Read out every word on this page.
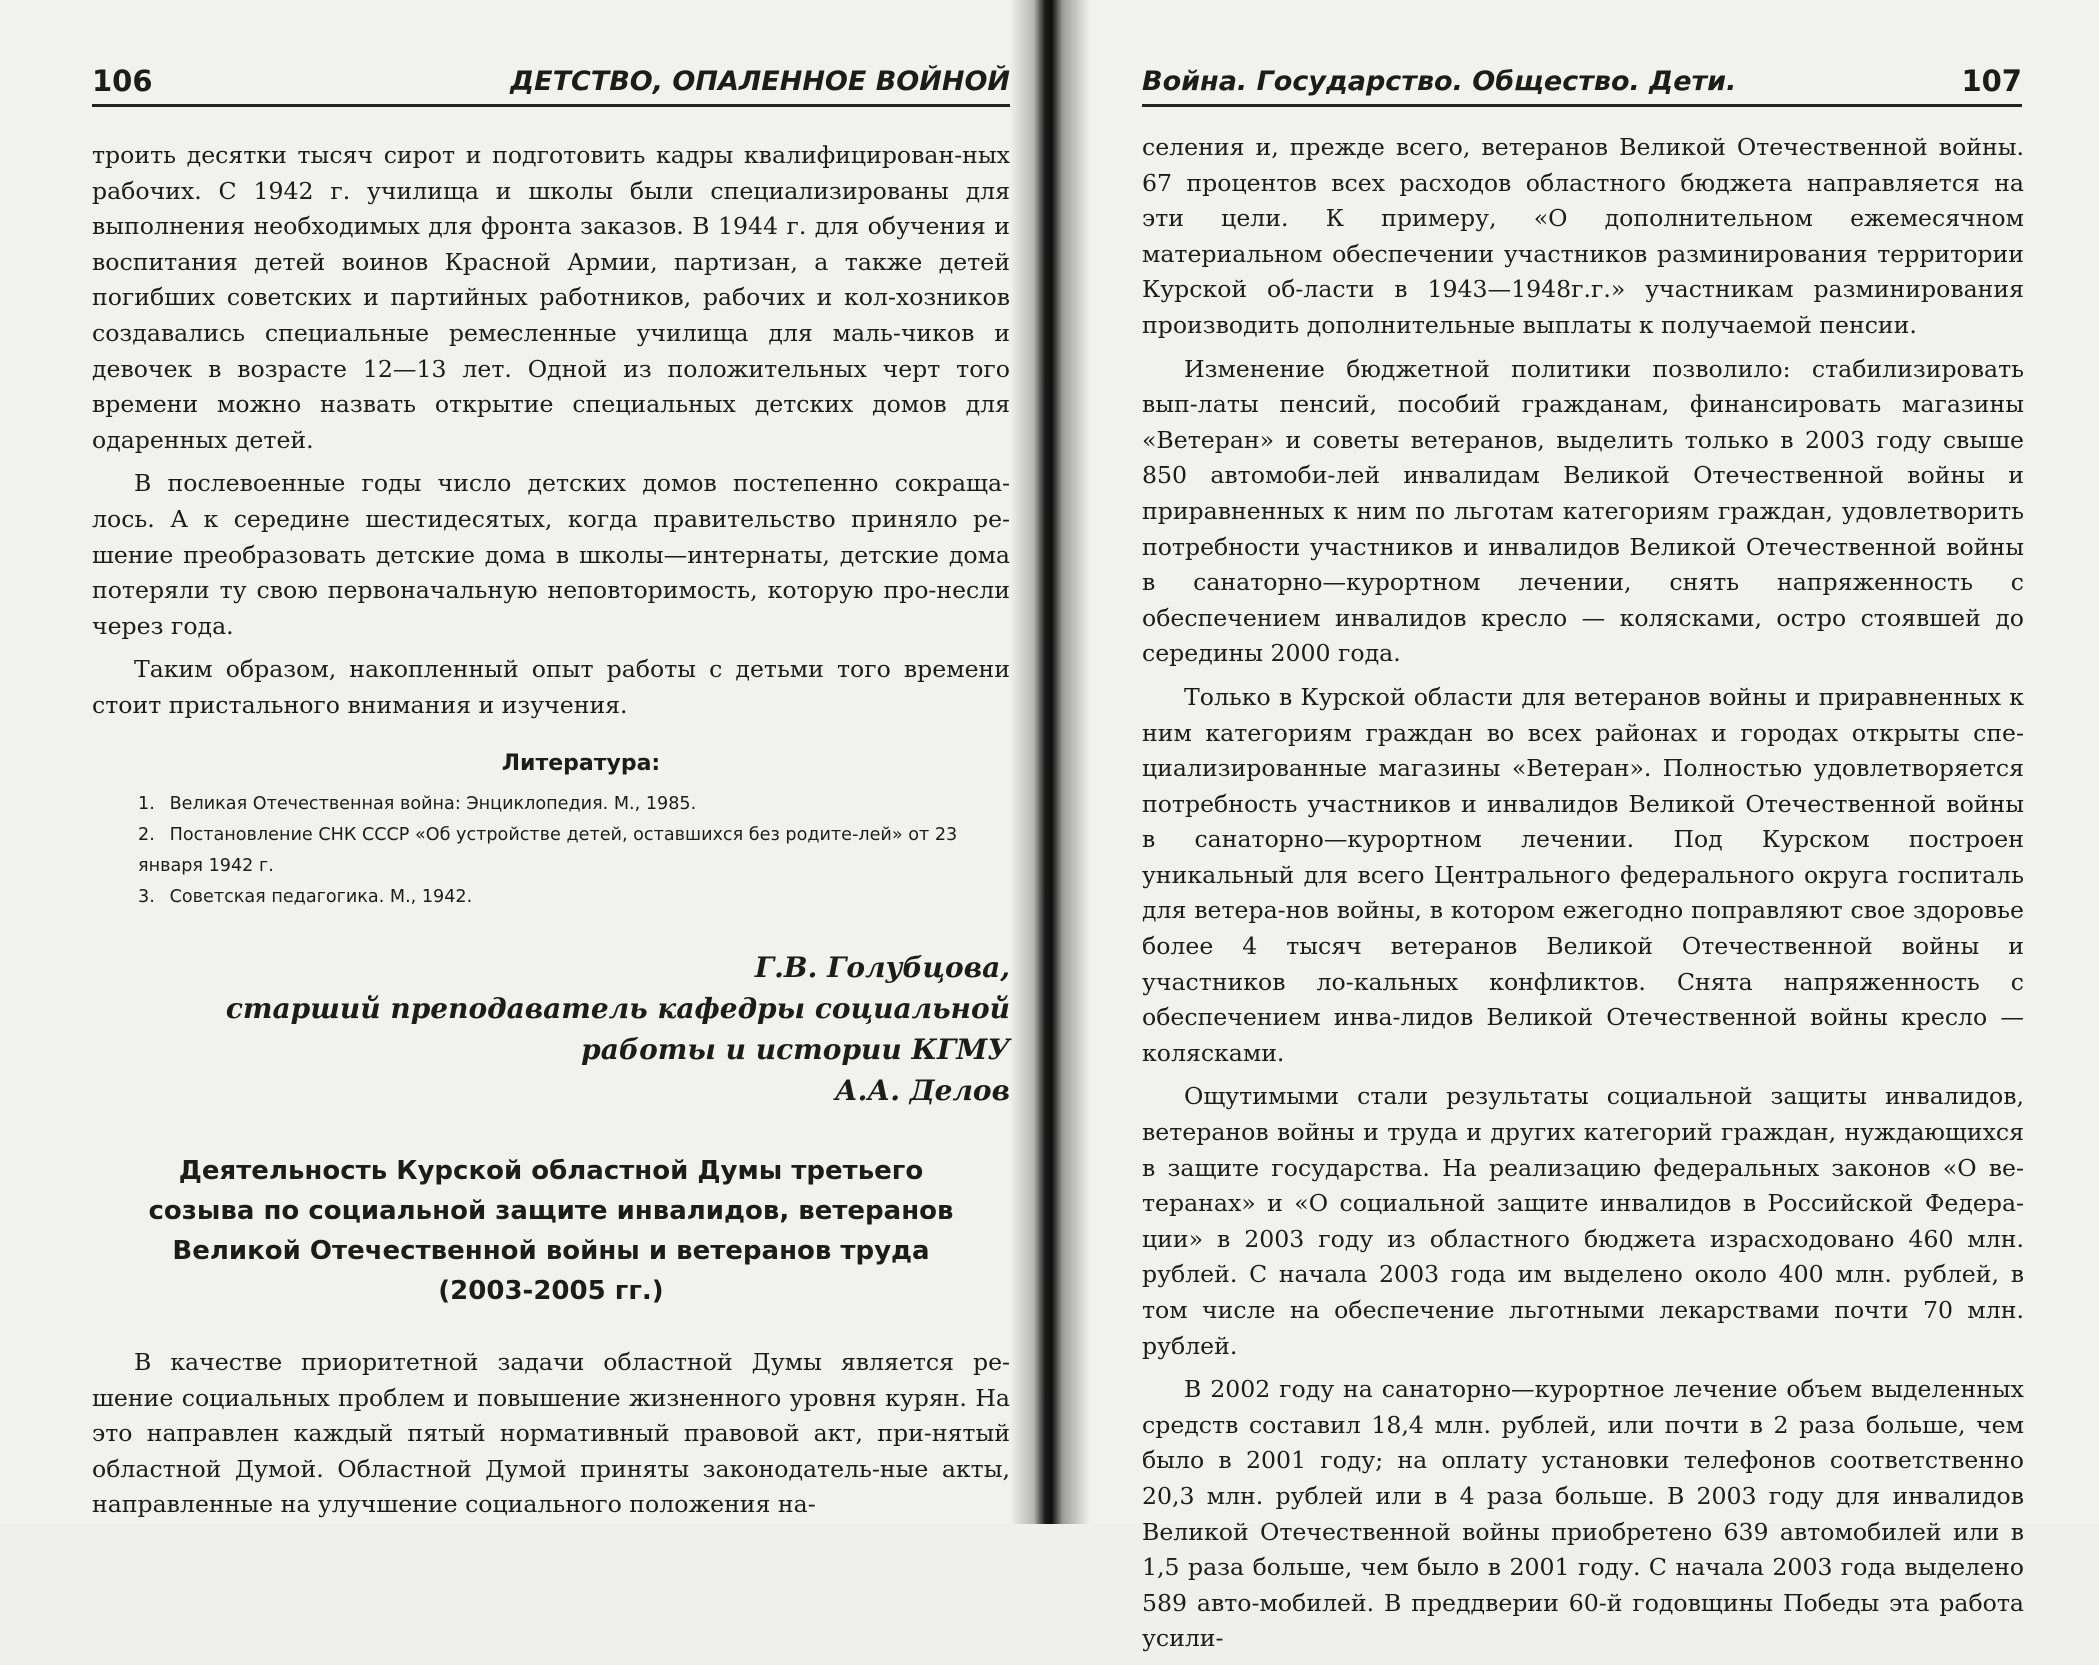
106	ДЕТСТВО, ОПАЛЕННОЕ ВОЙНОЙ

троить десятки тысяч сирот и подготовить кадры квалифицирован-ных рабочих. С 1942 г. училища и школы были специализированы для выполнения необходимых для фронта заказов. В 1944 г. для обучения и воспитания детей воинов Красной Армии, партизан, а также детей погибших советских и партийных работников, рабочих и кол-хозников создавались специальные ремесленные училища для маль-чиков и девочек в возрасте 12—13 лет. Одной из положительных черт того времени можно назвать открытие специальных детских домов для одаренных детей.

В послевоенные годы число детских домов постепенно сокраща-лось. А к середине шестидесятых, когда правительство приняло ре-шение преобразовать детские дома в школы—интернаты, детские дома потеряли ту свою первоначальную неповторимость, которую про-несли через года.

Таким образом, накопленный опыт работы с детьми того времени стоит пристального внимания и изучения.

Литература:
1. Великая Отечественная война: Энциклопедия. М., 1985.
2. Постановление СНК СССР «Об устройстве детей, оставшихся без родите-лей» от 23 января 1942 г.
3. Советская педагогика. М., 1942.
Г.В. Голубцова,
старший преподаватель кафедры социальной
работы и истории КГМУ
А.А. Делов
Деятельность Курской областной Думы третьего
созыва по социальной защите инвалидов, ветеранов
Великой Отечественной войны и ветеранов труда
(2003-2005 гг.)

В качестве приоритетной задачи областной Думы является ре-шение социальных проблем и повышение жизненного уровня курян. На это направлен каждый пятый нормативный правовой акт, при-нятый областной Думой. Областной Думой приняты законодатель-ные акты, направленные на улучшение социального положения на-

Война. Государство. Общество. Дети.	107

селения и, прежде всего, ветеранов Великой Отечественной войны. 67 процентов всех расходов областного бюджета направляется на эти цели. К примеру, «О дополнительном ежемесячном материальном обеспечении участников разминирования территории Курской об-ласти в 1943—1948г.г.» участникам разминирования производить дополнительные выплаты к получаемой пенсии.

Изменение бюджетной политики позволило: стабилизировать вып-латы пенсий, пособий гражданам, финансировать магазины «Ветеран» и советы ветеранов, выделить только в 2003 году свыше 850 автомоби-лей инвалидам Великой Отечественной войны и приравненных к ним по льготам категориям граждан, удовлетворить потребности участников и инвалидов Великой Отечественной войны в санаторно—курортном лечении, снять напряженность с обеспечением инвалидов кресло — колясками, остро стоявшей до середины 2000 года.

Только в Курской области для ветеранов войны и приравненных к ним категориям граждан во всех районах и городах открыты спе-циализированные магазины «Ветеран». Полностью удовлетворяется потребность участников и инвалидов Великой Отечественной войны в санаторно—курортном лечении. Под Курском построен уникальный для всего Центрального федерального округа госпиталь для ветера-нов войны, в котором ежегодно поправляют свое здоровье более 4 тысяч ветеранов Великой Отечественной войны и участников ло-кальных конфликтов. Снята напряженность с обеспечением инва-лидов Великой Отечественной войны кресло — колясками.

Ощутимыми стали результаты социальной защиты инвалидов, ветеранов войны и труда и других категорий граждан, нуждающихся в защите государства. На реализацию федеральных законов «О ве-теранах» и «О социальной защите инвалидов в Российской Федера-ции» в 2003 году из областного бюджета израсходовано 460 млн. рублей. С начала 2003 года им выделено около 400 млн. рублей, в том числе на обеспечение льготными лекарствами почти 70 млн. рублей.

В 2002 году на санаторно—курортное лечение объем выделенных средств составил 18,4 млн. рублей, или почти в 2 раза больше, чем было в 2001 году; на оплату установки телефонов соответственно 20,3 млн. рублей или в 4 раза больше. В 2003 году для инвалидов Великой Отечественной войны приобретено 639 автомобилей или в 1,5 раза больше, чем было в 2001 году. С начала 2003 года выделено 589 авто-мобилей. В преддверии 60-й годовщины Победы эта работа усили-
